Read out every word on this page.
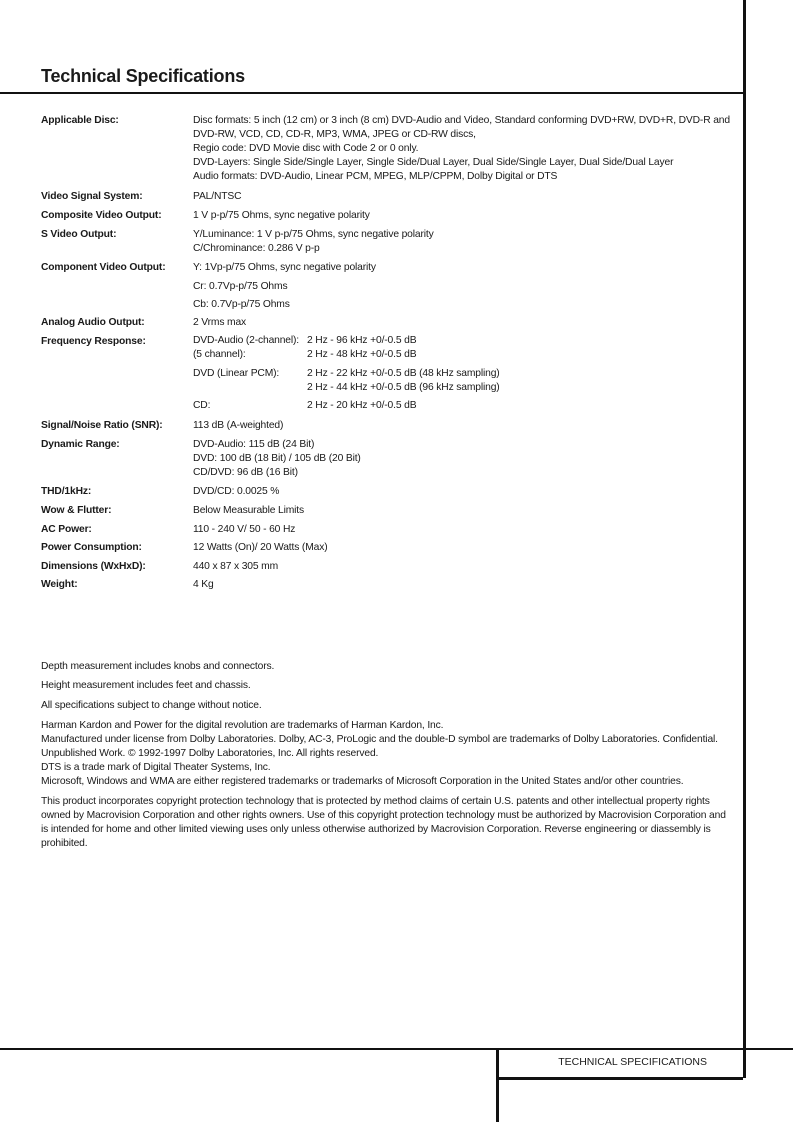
Technical Specifications
Applicable Disc:	Disc formats: 5 inch (12 cm) or 3 inch (8 cm) DVD-Audio and Video, Standard conforming DVD+RW, DVD+R, DVD-R and
DVD-RW, VCD, CD, CD-R, MP3, WMA, JPEG or CD-RW discs,
Regio code: DVD Movie disc with Code 2 or 0 only.
DVD-Layers: Single Side/Single Layer, Single Side/Dual Layer, Dual Side/Single Layer, Dual Side/Dual Layer
Audio formats: DVD-Audio, Linear PCM, MPEG, MLP/CPPM, Dolby Digital or DTS
Video Signal System:	PAL/NTSC
Composite Video Output:	1 V p-p/75 Ohms, sync negative polarity
S Video Output:	Y/Luminance: 1 V p-p/75 Ohms, sync negative polarity
C/Chrominance: 0.286 V p-p
Component Video Output:	Y: 1Vp-p/75 Ohms, sync negative polarity
Cr: 0.7Vp-p/75 Ohms
Cb: 0.7Vp-p/75 Ohms
Analog Audio Output:	2 Vrms max
Frequency Response:	DVD-Audio (2-channel): 2 Hz - 96 kHz +0/-0.5 dB
(5 channel):	2 Hz - 48 kHz +0/-0.5 dB
DVD (Linear PCM):	2 Hz - 22 kHz +0/-0.5 dB (48 kHz sampling)
2 Hz - 44 kHz +0/-0.5 dB (96 kHz sampling)
CD:	2 Hz - 20 kHz +0/-0.5 dB
Signal/Noise Ratio (SNR):	113 dB (A-weighted)
Dynamic Range:	DVD-Audio: 115 dB (24 Bit)
DVD: 100 dB (18 Bit) / 105 dB (20 Bit)
CD/DVD: 96 dB (16 Bit)
THD/1kHz:	DVD/CD: 0.0025 %
Wow & Flutter:	Below Measurable Limits
AC Power:	110 - 240 V/ 50 - 60 Hz
Power Consumption:	12 Watts (On)/ 20 Watts (Max)
Dimensions (WxHxD):	440 x 87 x 305 mm
Weight:	4 Kg
Depth measurement includes knobs and connectors.
Height measurement includes feet and chassis.
All specifications subject to change without notice.
Harman Kardon and Power for the digital revolution are trademarks of Harman Kardon, Inc.
Manufactured under license from Dolby Laboratories. Dolby, AC-3, ProLogic and the double-D symbol are trademarks of Dolby Laboratories. Confidential.
Unpublished Work. © 1992-1997 Dolby Laboratories, Inc. All rights reserved.
DTS is a trade mark of Digital Theater Systems, Inc.
Microsoft, Windows and WMA are either registered trademarks or trademarks of Microsoft Corporation in the United States and/or other countries.
This product incorporates copyright protection technology that is protected by method claims of certain U.S. patents and other intellectual property rights
owned by Macrovision Corporation and other rights owners. Use of this copyright protection technology must be authorized by Macrovision Corporation and
is intended for home and other limited viewing uses only unless otherwise authorized by Macrovision Corporation. Reverse engineering or diassembly is
prohibited.
TECHNICAL SPECIFICATIONS
